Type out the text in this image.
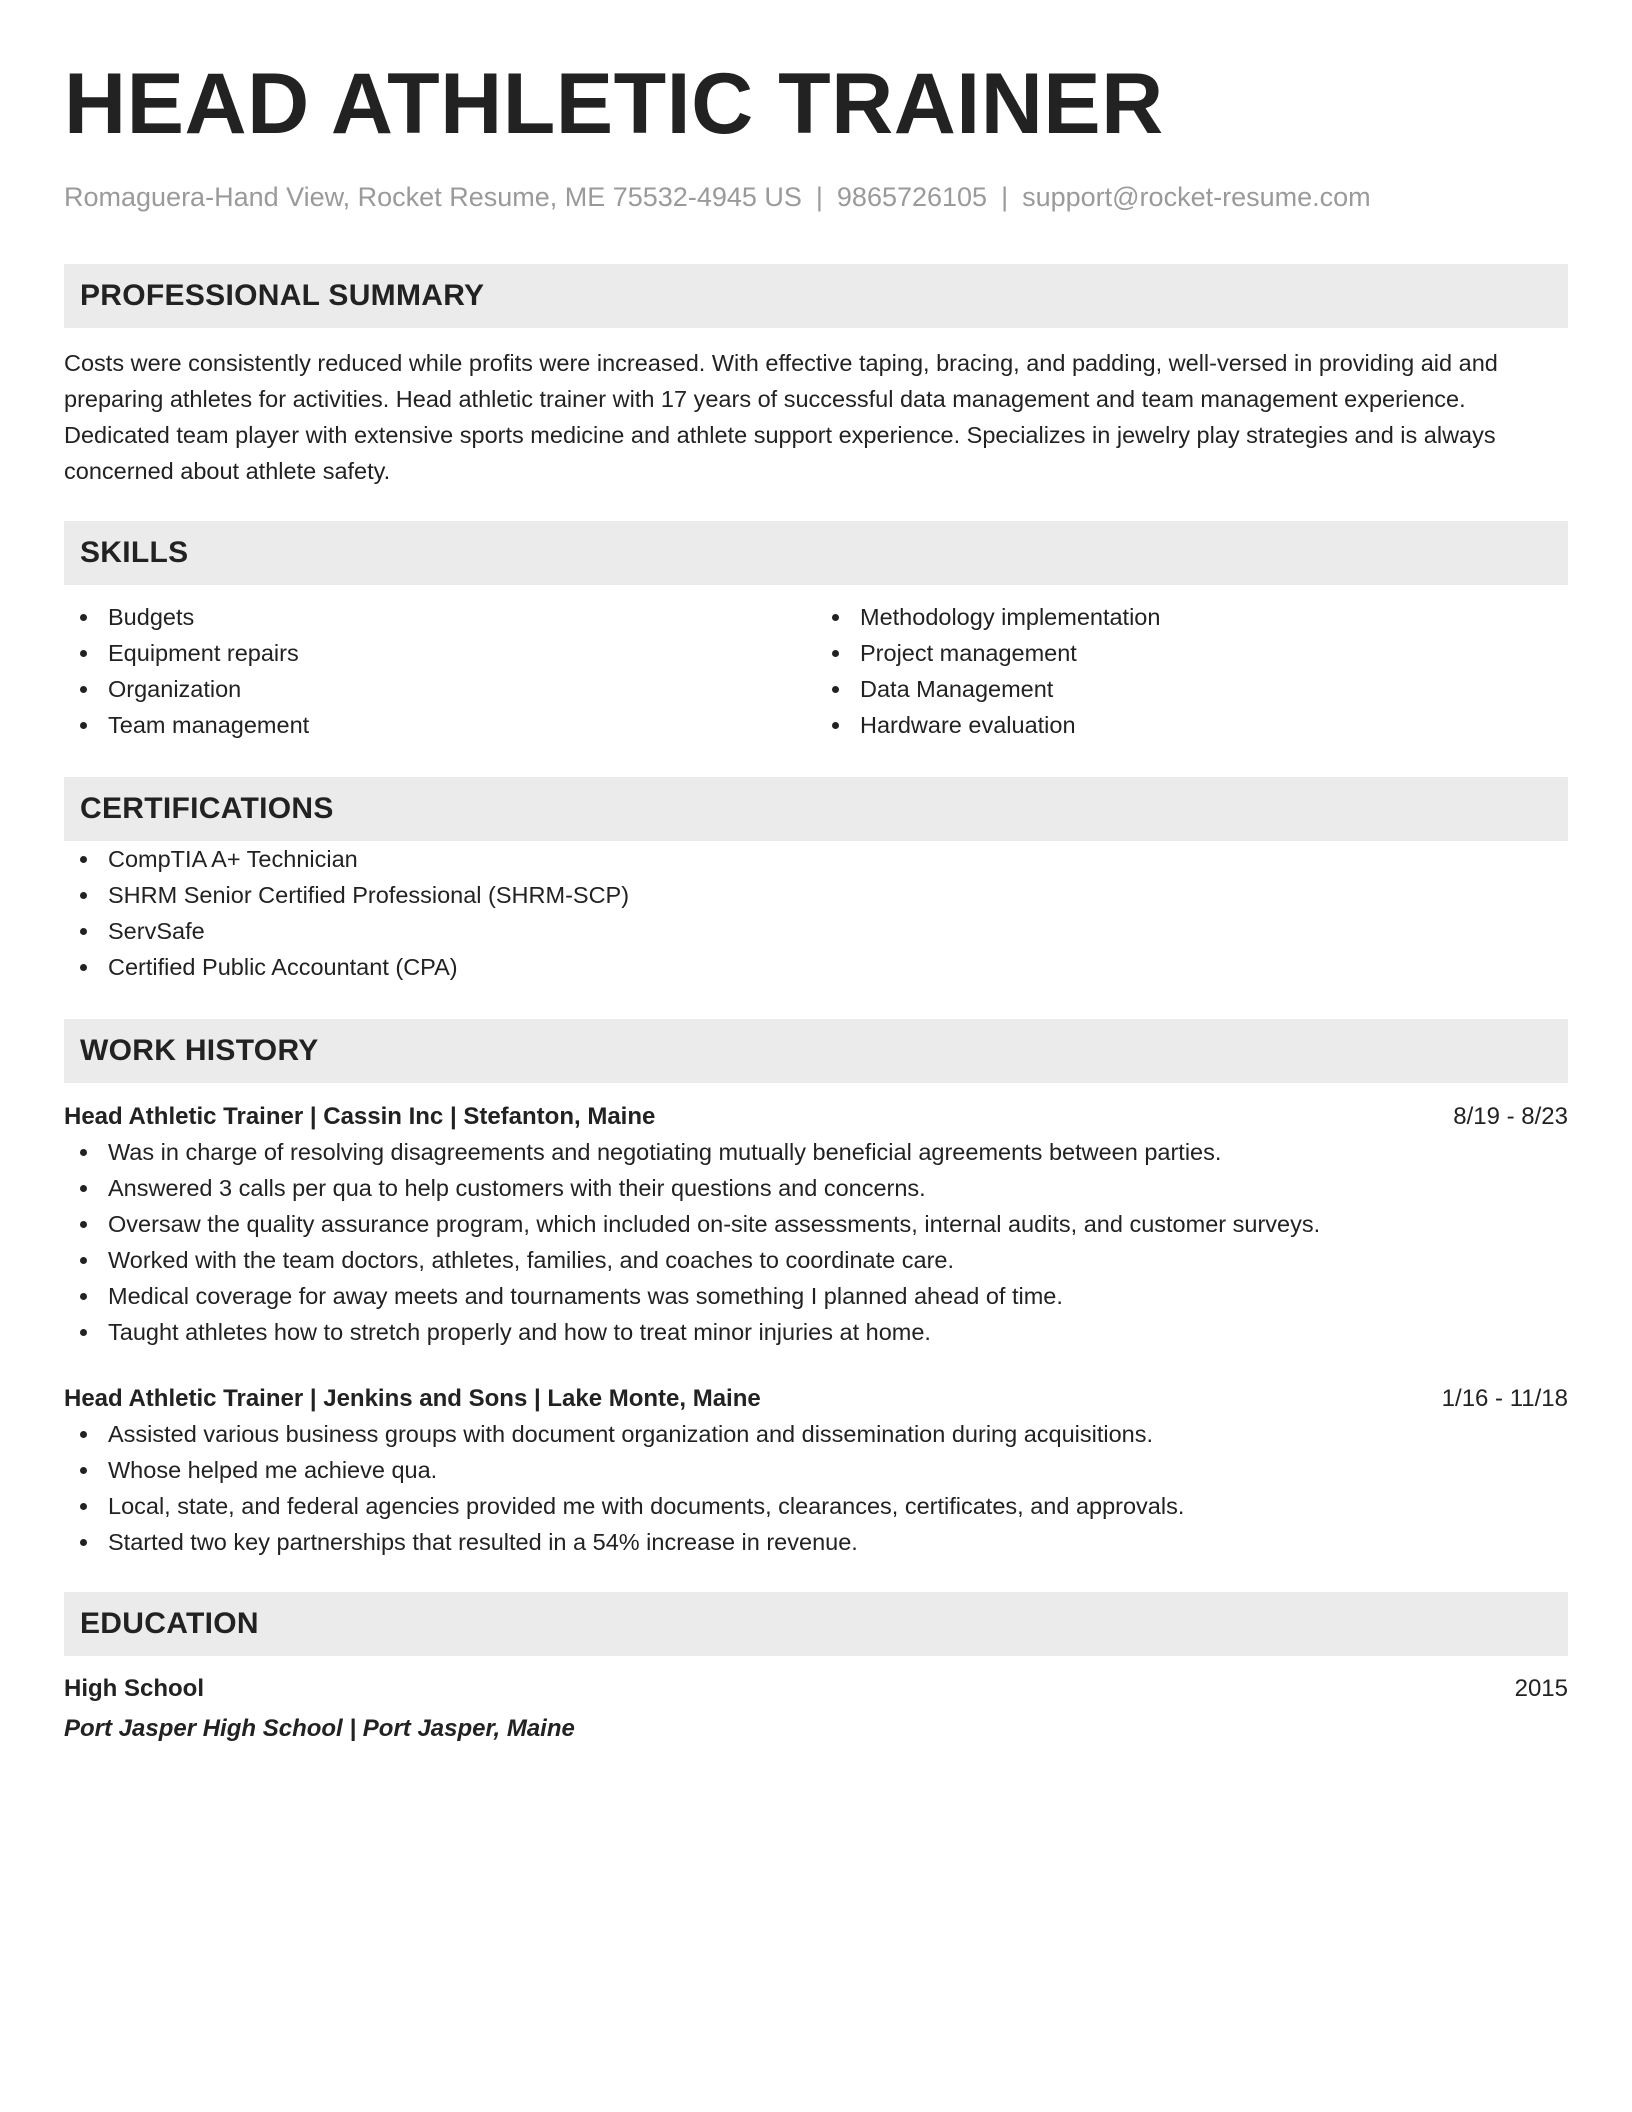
HEAD ATHLETIC TRAINER
Romaguera-Hand View, Rocket Resume, ME 75532-4945 US | 9865726105 | support@rocket-resume.com
PROFESSIONAL SUMMARY

Costs were consistently reduced while profits were increased. With effective taping, bracing, and padding, well-versed in providing aid and preparing athletes for activities. Head athletic trainer with 17 years of successful data management and team management experience. Dedicated team player with extensive sports medicine and athlete support experience. Specializes in jewelry play strategies and is always concerned about athlete safety.

SKILLS
Budgets
Equipment repairs
Organization
Team management
Methodology implementation
Project management
Data Management
Hardware evaluation
CERTIFICATIONS
CompTIA A+ Technician
SHRM Senior Certified Professional (SHRM-SCP)
ServSafe
Certified Public Accountant (CPA)
WORK HISTORY
Head Athletic Trainer | Cassin Inc | Stefanton, Maine	8/19 - 8/23
Was in charge of resolving disagreements and negotiating mutually beneficial agreements between parties.
Answered 3 calls per qua to help customers with their questions and concerns.
Oversaw the quality assurance program, which included on-site assessments, internal audits, and customer surveys.
Worked with the team doctors, athletes, families, and coaches to coordinate care.
Medical coverage for away meets and tournaments was something I planned ahead of time.
Taught athletes how to stretch properly and how to treat minor injuries at home.
Head Athletic Trainer | Jenkins and Sons | Lake Monte, Maine	1/16 - 11/18
Assisted various business groups with document organization and dissemination during acquisitions.
Whose helped me achieve qua.
Local, state, and federal agencies provided me with documents, clearances, certificates, and approvals.
Started two key partnerships that resulted in a 54% increase in revenue.
EDUCATION
High School	2015
Port Jasper High School | Port Jasper, Maine
